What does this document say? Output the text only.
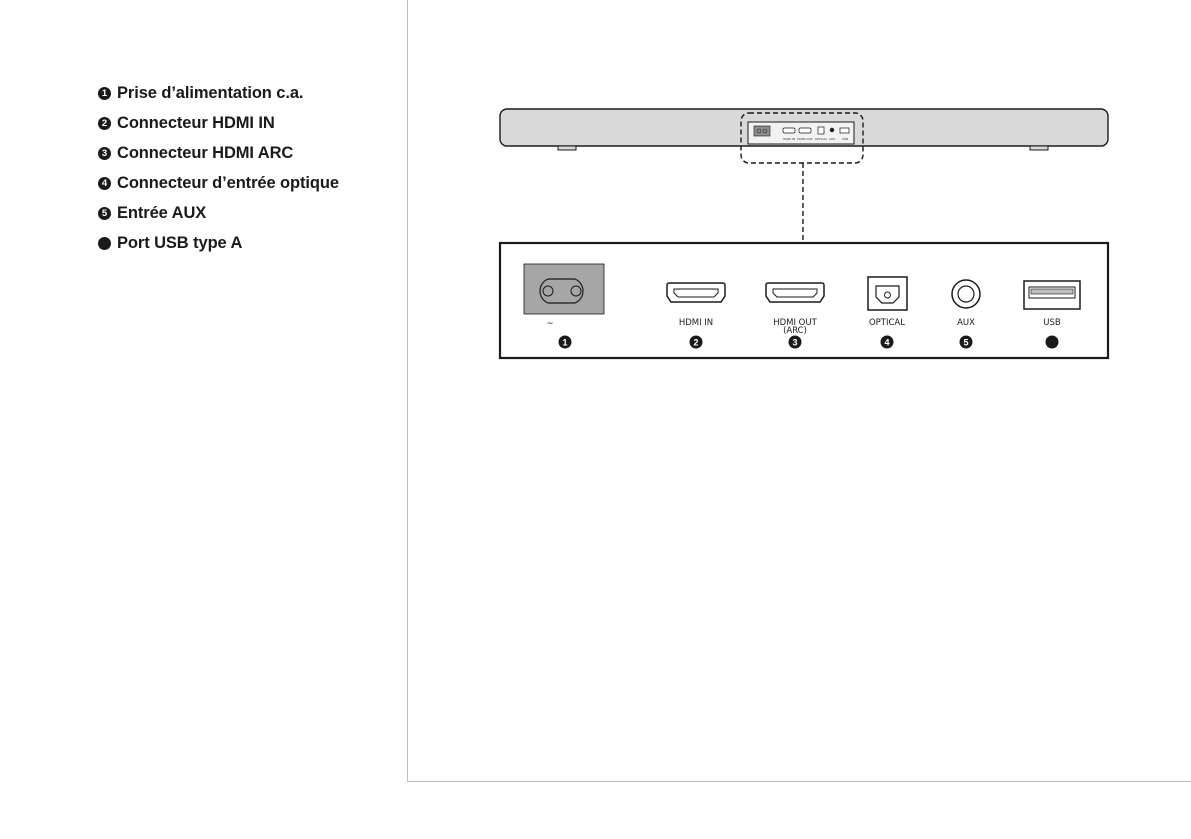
1 Prise d’alimentation c.a.
2 Connecteur HDMI IN
3 Connecteur HDMI ARC
4 Connecteur d’entrée optique
5 Entrée AUX
Port USB type A
HDMI IN HDMI OUT OPTICAL AUX USB
~
1
HDMI IN
2
HDMI OUT
(ARC)
3
OPTICAL
4
AUX
5
USB
